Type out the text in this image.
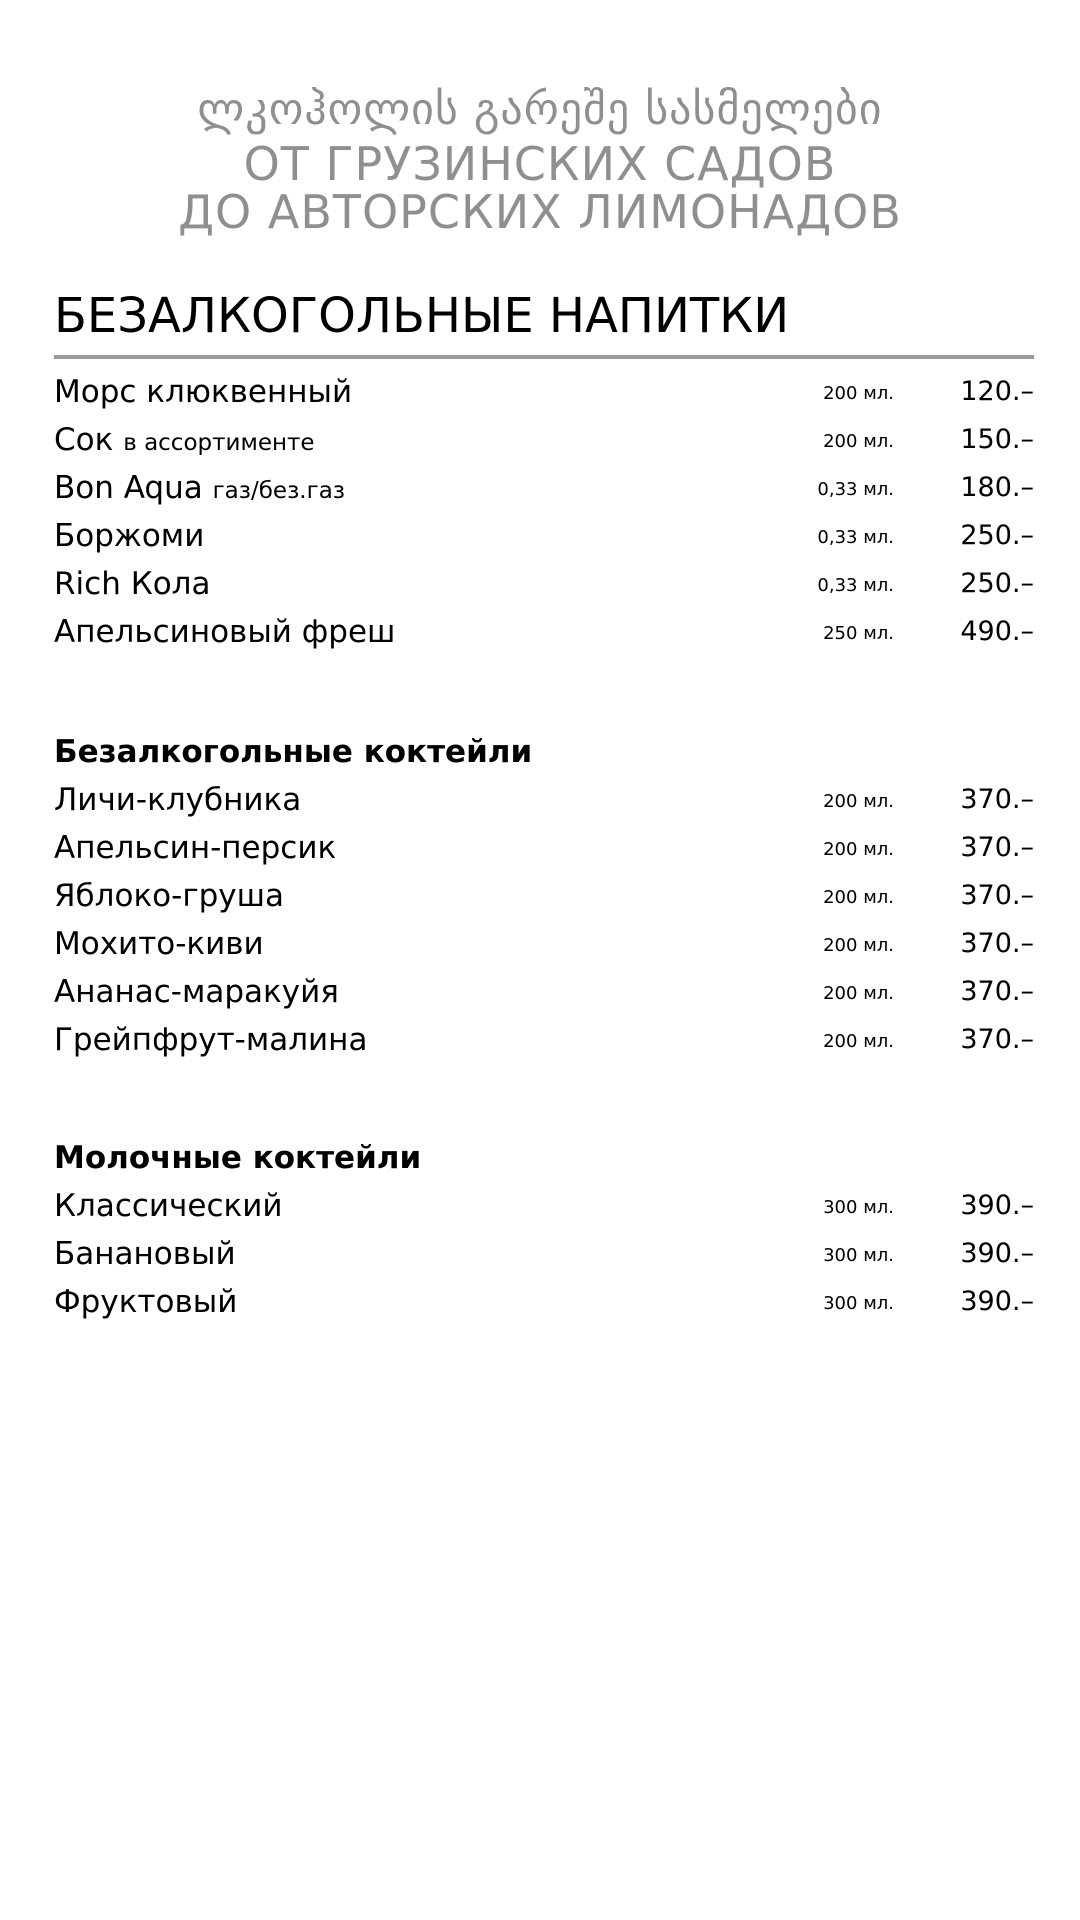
ლკოჰოლის გარეშე სასმელები
ОТ ГРУЗИНСКИХ САДОВ
ДО АВТОРСКИХ ЛИМОНАДОВ
БЕЗАЛКОГОЛЬНЫЕ НАПИТКИ
Морс клюквенный	200 мл. 120.–
Сок в ассортименте	200 мл. 150.–
Bon Aqua газ/без.газ	0,33 мл. 180.–
Боржоми	0,33 мл. 250.–
Rich Кола	0,33 мл. 250.–
Апельсиновый фреш	250 мл. 490.–
Безалкогольные коктейли
Личи-клубника	200 мл. 370.–
Апельсин-персик	200 мл. 370.–
Яблоко-груша	200 мл. 370.–
Мохито-киви	200 мл. 370.–
Ананас-маракуйя	200 мл. 370.–
Грейпфрут-малина	200 мл. 370.–
Молочные коктейли
Классический	300 мл. 390.–
Банановый	300 мл. 390.–
Фруктовый	300 мл. 390.–
